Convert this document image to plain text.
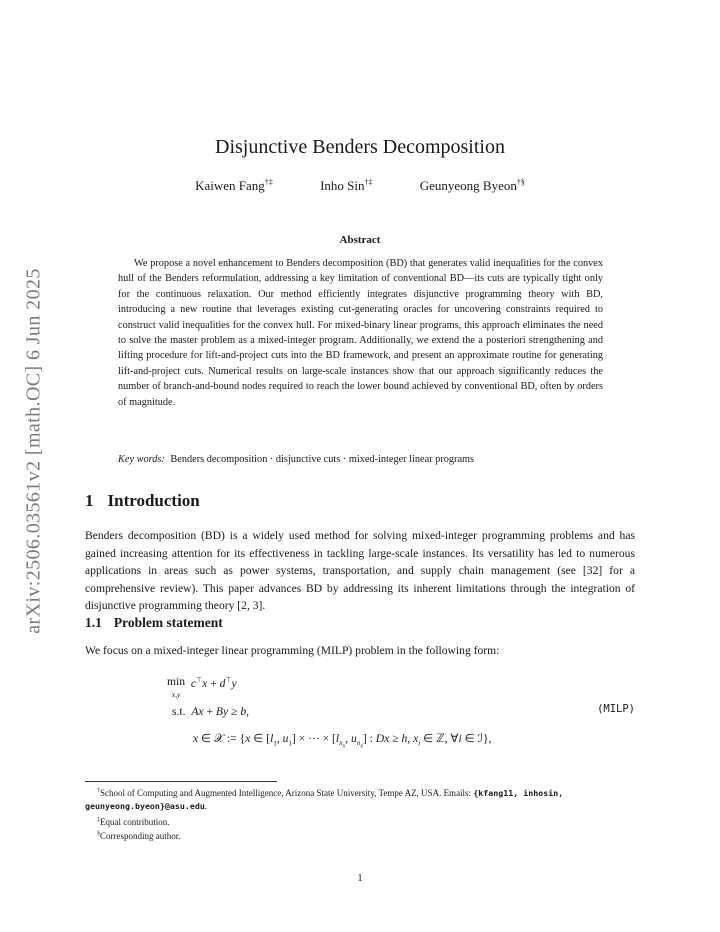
arXiv:2506.03561v2 [math.OC] 6 Jun 2025
Disjunctive Benders Decomposition
Kaiwen Fang†‡	Inho Sin†‡	Geunyeong Byeon†§
Abstract
We propose a novel enhancement to Benders decomposition (BD) that generates valid inequalities for the convex hull of the Benders reformulation, addressing a key limitation of conventional BD—its cuts are typically tight only for the continuous relaxation. Our method efficiently integrates disjunctive programming theory with BD, introducing a new routine that leverages existing cut-generating oracles for uncovering constraints required to construct valid inequalities for the convex hull. For mixed-binary linear programs, this approach eliminates the need to solve the master problem as a mixed-integer program. Additionally, we extend the a posteriori strengthening and lifting procedure for lift-and-project cuts into the BD framework, and present an approximate routine for generating lift-and-project cuts. Numerical results on large-scale instances show that our approach significantly reduces the number of branch-and-bound nodes required to reach the lower bound achieved by conventional BD, often by orders of magnitude.
Key words: Benders decomposition · disjunctive cuts · mixed-integer linear programs
1 Introduction
Benders decomposition (BD) is a widely used method for solving mixed-integer programming problems and has gained increasing attention for its effectiveness in tackling large-scale instances. Its versatility has led to numerous applications in areas such as power systems, transportation, and supply chain management (see [32] for a comprehensive review). This paper advances BD by addressing its inherent limitations through the integration of disjunctive programming theory [2, 3].
1.1 Problem statement
We focus on a mixed-integer linear programming (MILP) problem in the following form:
min
x,y  c⊤x + d⊤y
s.t.  Ax + By ≥ b,	(MILP)
x ∈ 𝒳 := {x ∈ [$l_1$, $u_1$] × ··· × [$l_{n_x}$, $u_{n_x}$] : Dx ≥ h, $x_i$ ∈ ℤ, ∀i ∈ ℐ},
†School of Computing and Augmented Intelligence, Arizona State University, Tempe AZ, USA. Emails: {kfang11, inhosin, geunyeong.byeon}@asu.edu.
‡Equal contribution.
§Corresponding author.
1
